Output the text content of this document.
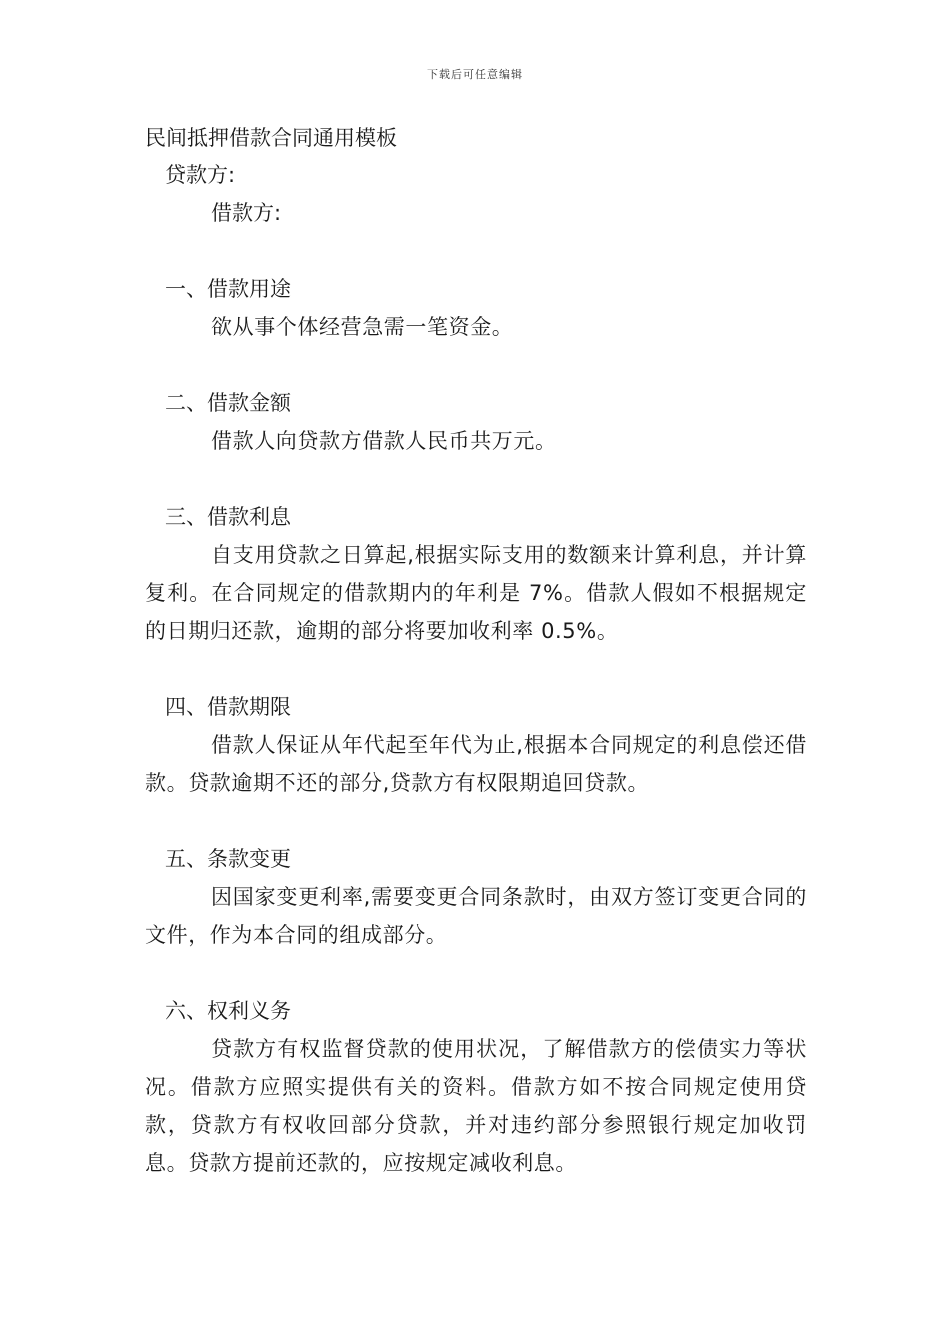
下载后可任意编辑
民间抵押借款合同通用模板

贷款方:

借款方:

一、借款用途

欲从事个体经营急需一笔资金。

二、借款金额

借款人向贷款方借款人民币共万元。

三、借款利息

自支用贷款之日算起,根据实际支用的数额来计算利息，并计算复利。在合同规定的借款期内的年利是 7%。借款人假如不根据规定的日期归还款，逾期的部分将要加收利率 0.5%。

四、借款期限

借款人保证从年代起至年代为止,根据本合同规定的利息偿还借款。贷款逾期不还的部分,贷款方有权限期追回贷款。

五、条款变更

因国家变更利率,需要变更合同条款时，由双方签订变更合同的文件，作为本合同的组成部分。

六、权利义务

贷款方有权监督贷款的使用状况，了解借款方的偿债实力等状况。借款方应照实提供有关的资料。借款方如不按合同规定使用贷款，贷款方有权收回部分贷款，并对违约部分参照银行规定加收罚息。贷款方提前还款的，应按规定减收利息。
